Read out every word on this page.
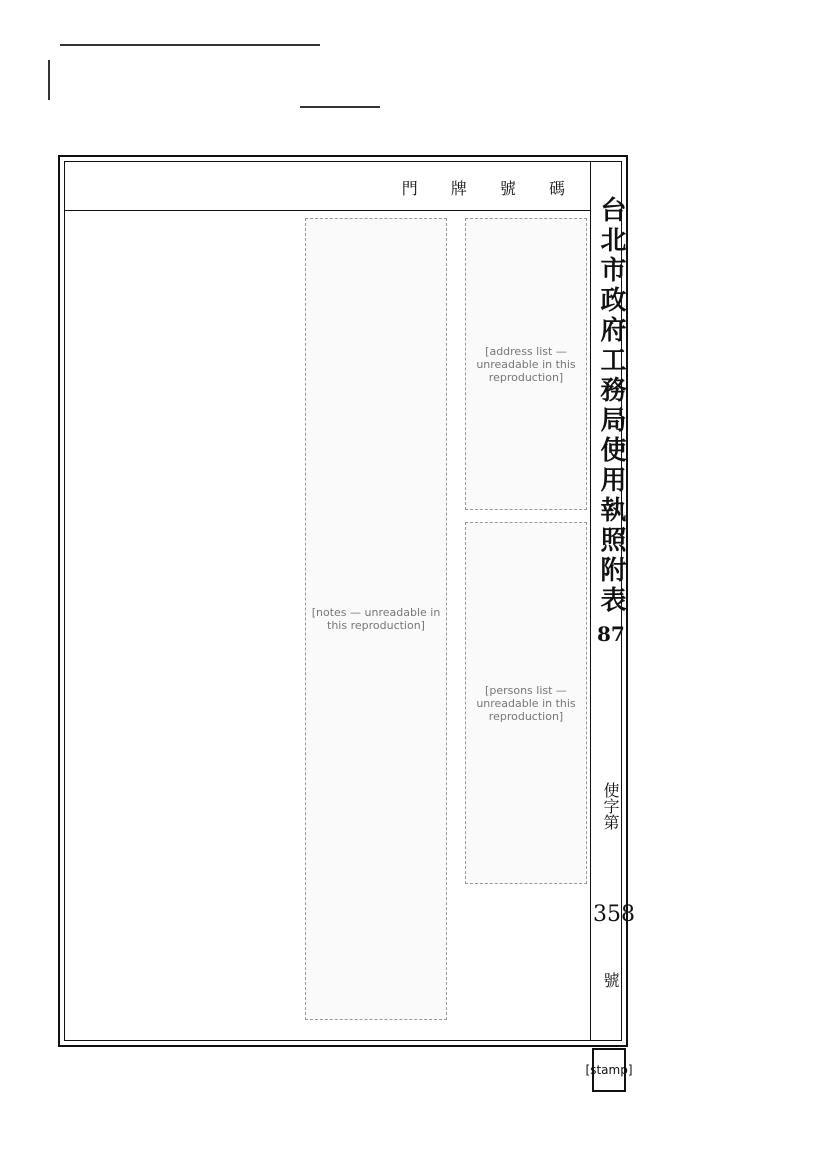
門 牌 號 碼
台北市政府工務局使用執照附表
87
使字第
358
號
[address list — unreadable in this reproduction]
[persons list — unreadable in this reproduction]
[notes — unreadable in this reproduction]
[stamp]
